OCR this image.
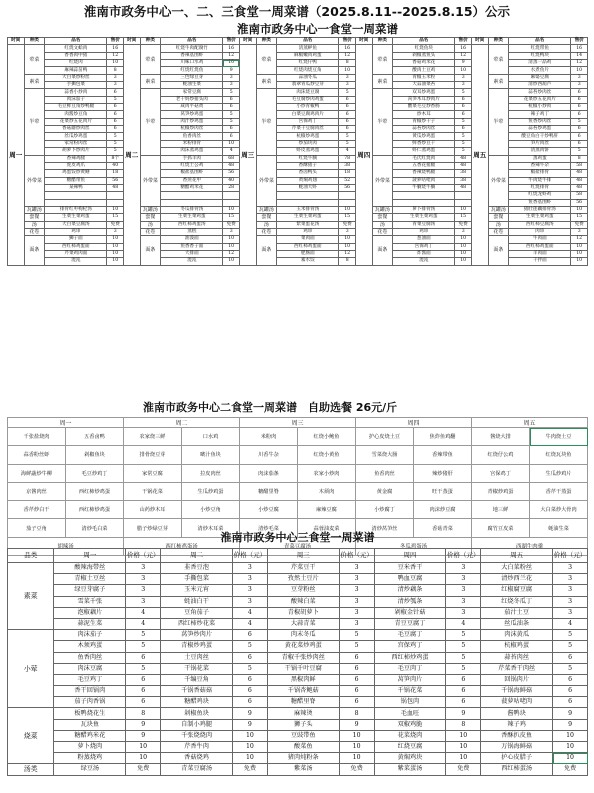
淮南市政务中心一、二、三食堂一周菜谱（2025.8.11--2025.8.15）公示
淮南市政务中心一食堂一周菜谱
时间	种类	品名	售价	时间	种类	品名	售价	时间	种类	品名	售价	时间	种类	品名	售价	时间	种类	品名	售价
周一	荤菜	红烧文蛤肉	16	周二	荤菜	红烧牛肉配腐竹	16	周三	荤菜	清蒸鲈鱼	16	周四	荤菜	红烧鱼块	16	周五	荤菜	红烧带鱼	16
		香香肉中猪	12			香辣基围虾	12			麻椒嫩肉鸡蛋	12			剁椒蒸鱼头	12			红烧鸭块	14
		红烧肉	10			川味口水鸡	10			红烧仔鸭	8			香菇鸡米花	9			清蒸一品鸡	12
		麻辣蒜苗鸭	8			红烧红烧鱼	9			红烧肉烧豆角	10			酸肉土豆鸡	10			水煮鱼片	10
	素菜	大白菜炒粉丝	3		素菜	三色绿豆芽	3		素菜	蒜油冬瓜	3		素菜	青椒玉米粒	3		素菜	麻婆豆腐	3
		手撕包菜	3			蚝油生菜	3			翡翠青瓜炒豆芽	3			大蒜油菜苔	3			清炒西葫芦	3
	半荤	蒜香小炒肉	6		半荤	家常豆腐	5		半荤	肉沫烧豆腐	5		半荤	双耳炒鸡蛋	5		半荤	蒜苔炒肉丝	6
		肉沫茄子	5			老干妈炒猪头肉	6			毛豆腐炒肉鸡蛋	6			莴笋木耳炒肉片	6			花菜炒五花肉片	6
		毛豆鲜豆角炒鸭腿	6			咸肉平菇黄	6			小炒青椒鸭	6			酸菜毛豆炒香肠	6			杭椒小炒肉	6
		肉酱炒豆角	6			莴笋炒鸡蛋	5			白菜豆腐鸡肉片	6			炒木耳	6			辣子鸡丁	6
		花菜炒五花肉片	6			肉汁炒鸡蛋	5			宫保鸡丁	6			青椒炒干子	5			鱼香炒肉丝	5
		香菇蘑炒肉丝	6			杭椒炒肉丝	6			芹菜干豆腐肉丝	6			蒜苔炒肉丝	6			蒜苔炒鸡蛋	6
		丝瓜炒鸡蛋	5			鱼香肉丝	6			杭椒炒鸡蛋	5			黄瓜炒鸡蛋	5			酸豆角白干炒鸭肝	6
		家常粉肉丝	5			米粉排骨	10			炒茄块肉	5			鲜香炒豆干	5			笋片肉丝	6
		胡萝卜炒肉片	5			肉沫蒸鸡蛋	4			虾皮蒸鸡蛋	4			虾仁蒸鸡蛋	5			清蒸肉饼	5
	外带菜	香辣鸡腿	8个		外带菜	手抓羊肉	68		外带菜	红烧牛腩	78		外带菜	毛氏红烧肉	48		外带菜	蒸鸡蛋	8
		虎皮鸡爪	40			红烧土公鸡	48			香酥猪子	38			五香花猪腿	48			香辣牛杂	58
		鸡蛋饺炒黄鳝	18			椒盐基围虾	56			香卤鸭头	18			香辣烧鸭腿	38			椒盐排骨	48
		糖醋带鱼	56			香煎花甲	40			黄焖鸡翅	52			菠萝咕咾肉	38			牛肉烧牛排	48
		某辣鸭	48			糖醋鸡米花	28			蚝油大虾	56			牛腩烧牛腩	48			红烧排骨	48
																		红烧龙虾鸡	58
																		鱼香基围虾	56
	瓦罐汤	排骨红枣枸杞汤	10		瓦罐汤	冬瓜排骨汤	10		瓦罐汤	玉米排骨汤	10		瓦罐汤	萝卜排骨汤	10		瓦罐汤	猪肚莲藕排骨汤	10
	套餐	生菜生菜鸡蛋	15		套餐	生菜生菜鸡蛋	15		套餐	生菜生菜鸡蛋	15		套餐	生菜生菜鸡蛋	15		套餐	生菜生菜鸡蛋	15
	汤	大白菜豆腐汤	免费		汤	西红柿鸡蛋汤	免费		汤	紫菜蛋花汤	免费		汤	青菜豆腐汤	免费		汤	西红柿豆腐汤	免费
	花卷	鸡串	3		花卷	蒸糕	3		花卷	鸡串	3		花卷	鸡串	3		花卷	肉串	3
	面条	狮子面	10		面条	油泼面	10		面条	菜肉面	10		面条	葱油面	10		面条	牛肉面	12
		西红柿鸡蛋面	10			鱼香香子面	10			西红柿鸡蛋面	10			宫保鸡丁	10			西红柿鸡蛋面	10
		芹菜鸡肉面	10			大排面	12			肥肠面	12			炸酱面	10			羊肉面	10
		混沌	10			混沌	10			素水饺	8			混沌	10			干拌面	10
淮南市政务中心二食堂一周菜谱　自助选餐 26元/斤
周一		周二		周三		周四		周五	
千张盐烧肉	五香卤鸭	农家烧三鲜	口水鸡	米粉肉	红烧小鲍鱼	护心皮烧土豆	焦炸鱼鸡翻	酱烧大排	牛肉烧土豆
蒜香粉丝虾	剁椒鱼块	排骨烧豆芽	啵汁鱼块	川香牛杂	红烧小黄鱼	雪菜烧大肠	香辣带鱼	红烧仔公鸡	红烧瓦块鱼
海鲜蔬炒牛柳	毛豆炒鸡丁	家常豆腐	拉皮肉丝	肉沫茄条	农家小炒肉	鱼香肉丝	辣炒猪肝	宫保鸡丁	生瓜炒鸡片
京酱肉丝	西红柿炒鸡蛋	干锅花菜	生瓜炒鸡蛋	糖醋里脊	木须肉	黄金腐	旺干蒸蛋	青椒炒鸡蛋	香芹干蒸蛋
香芹炒白干	西红柿炒鸡蛋	山药炒木耳	小炒豆角	小炒豆腐	麻辣豆腐	小炒腐丁	肉沫炒豆腐	地三鲜	大白菜炒大骨肉
茄子豆角	清炒毛白菜	腊子炒绿豆芽	清炒木耳菜	清炒毛菜	蒜蓉油麦菜	清炒莴笋丝	香菇青菜	腐竹豆皮菜	蚝油生菜
胡辣汤		西红柿鸡蛋汤		青菜豆腐汤		冬瓜鸡蛋汤		西湖牛肉羹	
淮南市政务中心三食堂一周菜谱
品类	周一	价格（元）	周二	价格（元）	周三	价格（元）	周四	价格（元）	周五	价格（元）
素菜	酸辣海带丝	3	韭香豆泡	3	芹菜豆干	3	豆米香干	3	大白菜粉丝	3
	青椒土豆丝	3	手撕包菜	3	孜然土豆片	3	鸭血豆腐	3	清炒西兰花	3
	绿豆芽腐子	3	玉米元宵	3	豆芽粉丝	3	清炒藕条	3	红椒腐豆腐	3
	雪菜千张	3	蚝油白干	3	酸辣白菜	3	清炒瓠条	3	红烧冬瓜丁	3
	泡椒藕片	4	豆角茄子	4	青椒胡萝卜	3	剁椒金针菇	3	茄汁土豆	3
	蒜泥生菜	4	西红柿炒花菜	4	大蒜青菜	3	青豆豆腐丁	4	丝瓜油条	4
小荤	肉沫茄子	5	莴笋炒肉片	6	肉末冬瓜	5	毛豆腐丁	5	肉沫黄瓜	5
	木须鸡蛋	5	青椒炒鸡蛋	5	黄花菜炒鸡蛋	5	宫保鸡丁	5	杭椒鸡蛋	5
	鱼香肉丝	6	土豆肉丝	6	青椒千张炒肉丝	6	西红柿炒鸡蛋	5	蒜苔肉丝	6
	肉沫豆腐	5	干锅花菜	5	干锅千叶豆腐	6	毛豆肉丁	5	芹菜香干肉丝	5
	毛豆鸡丁	6	千编豆角	6	黑椒肉鲜	6	莴笋肉片	6	回锅肉片	6
	香干回锅肉	6	千锅香菇菇	6	千锅杏鲍菇	6	千锅花菜	6	千锅海鲜菇	6
	茄子肉香锅	6	糖醋鸡块	6	糖醋里脊	6	锅包肉	6	菠萝咕咾肉	6
烧菜	板鸭烧花生	8	剁椒鱼块	9	麻辣烫	8	毛血旺	9	酱鸭块	9
	瓦块鱼	9	自制小鸡腿	9	狮子头	9	双椒鸡脆	8	辣子鸡	9
	糖醋鸡米花	9	千张烧烧肉	10	豆豉带鱼	10	花菜烧肉	10	香酥扒皮鱼	10
	萝卜烧肉	10	芹香牛肉	10	酸菜鱼	10	红烧豆腐	10	万锅海鲜菇	10
	粉蒸烧鸡	10	香菇烧鸡	10	猪肉炖粉条	10	黄焖鸡块	10	护心皮腊子	10
汤类	绿豆汤	免费	青菜豆腐汤	免费	紫菜汤	免费	紫菜蛋汤	免费	西红柿蛋汤	免费
